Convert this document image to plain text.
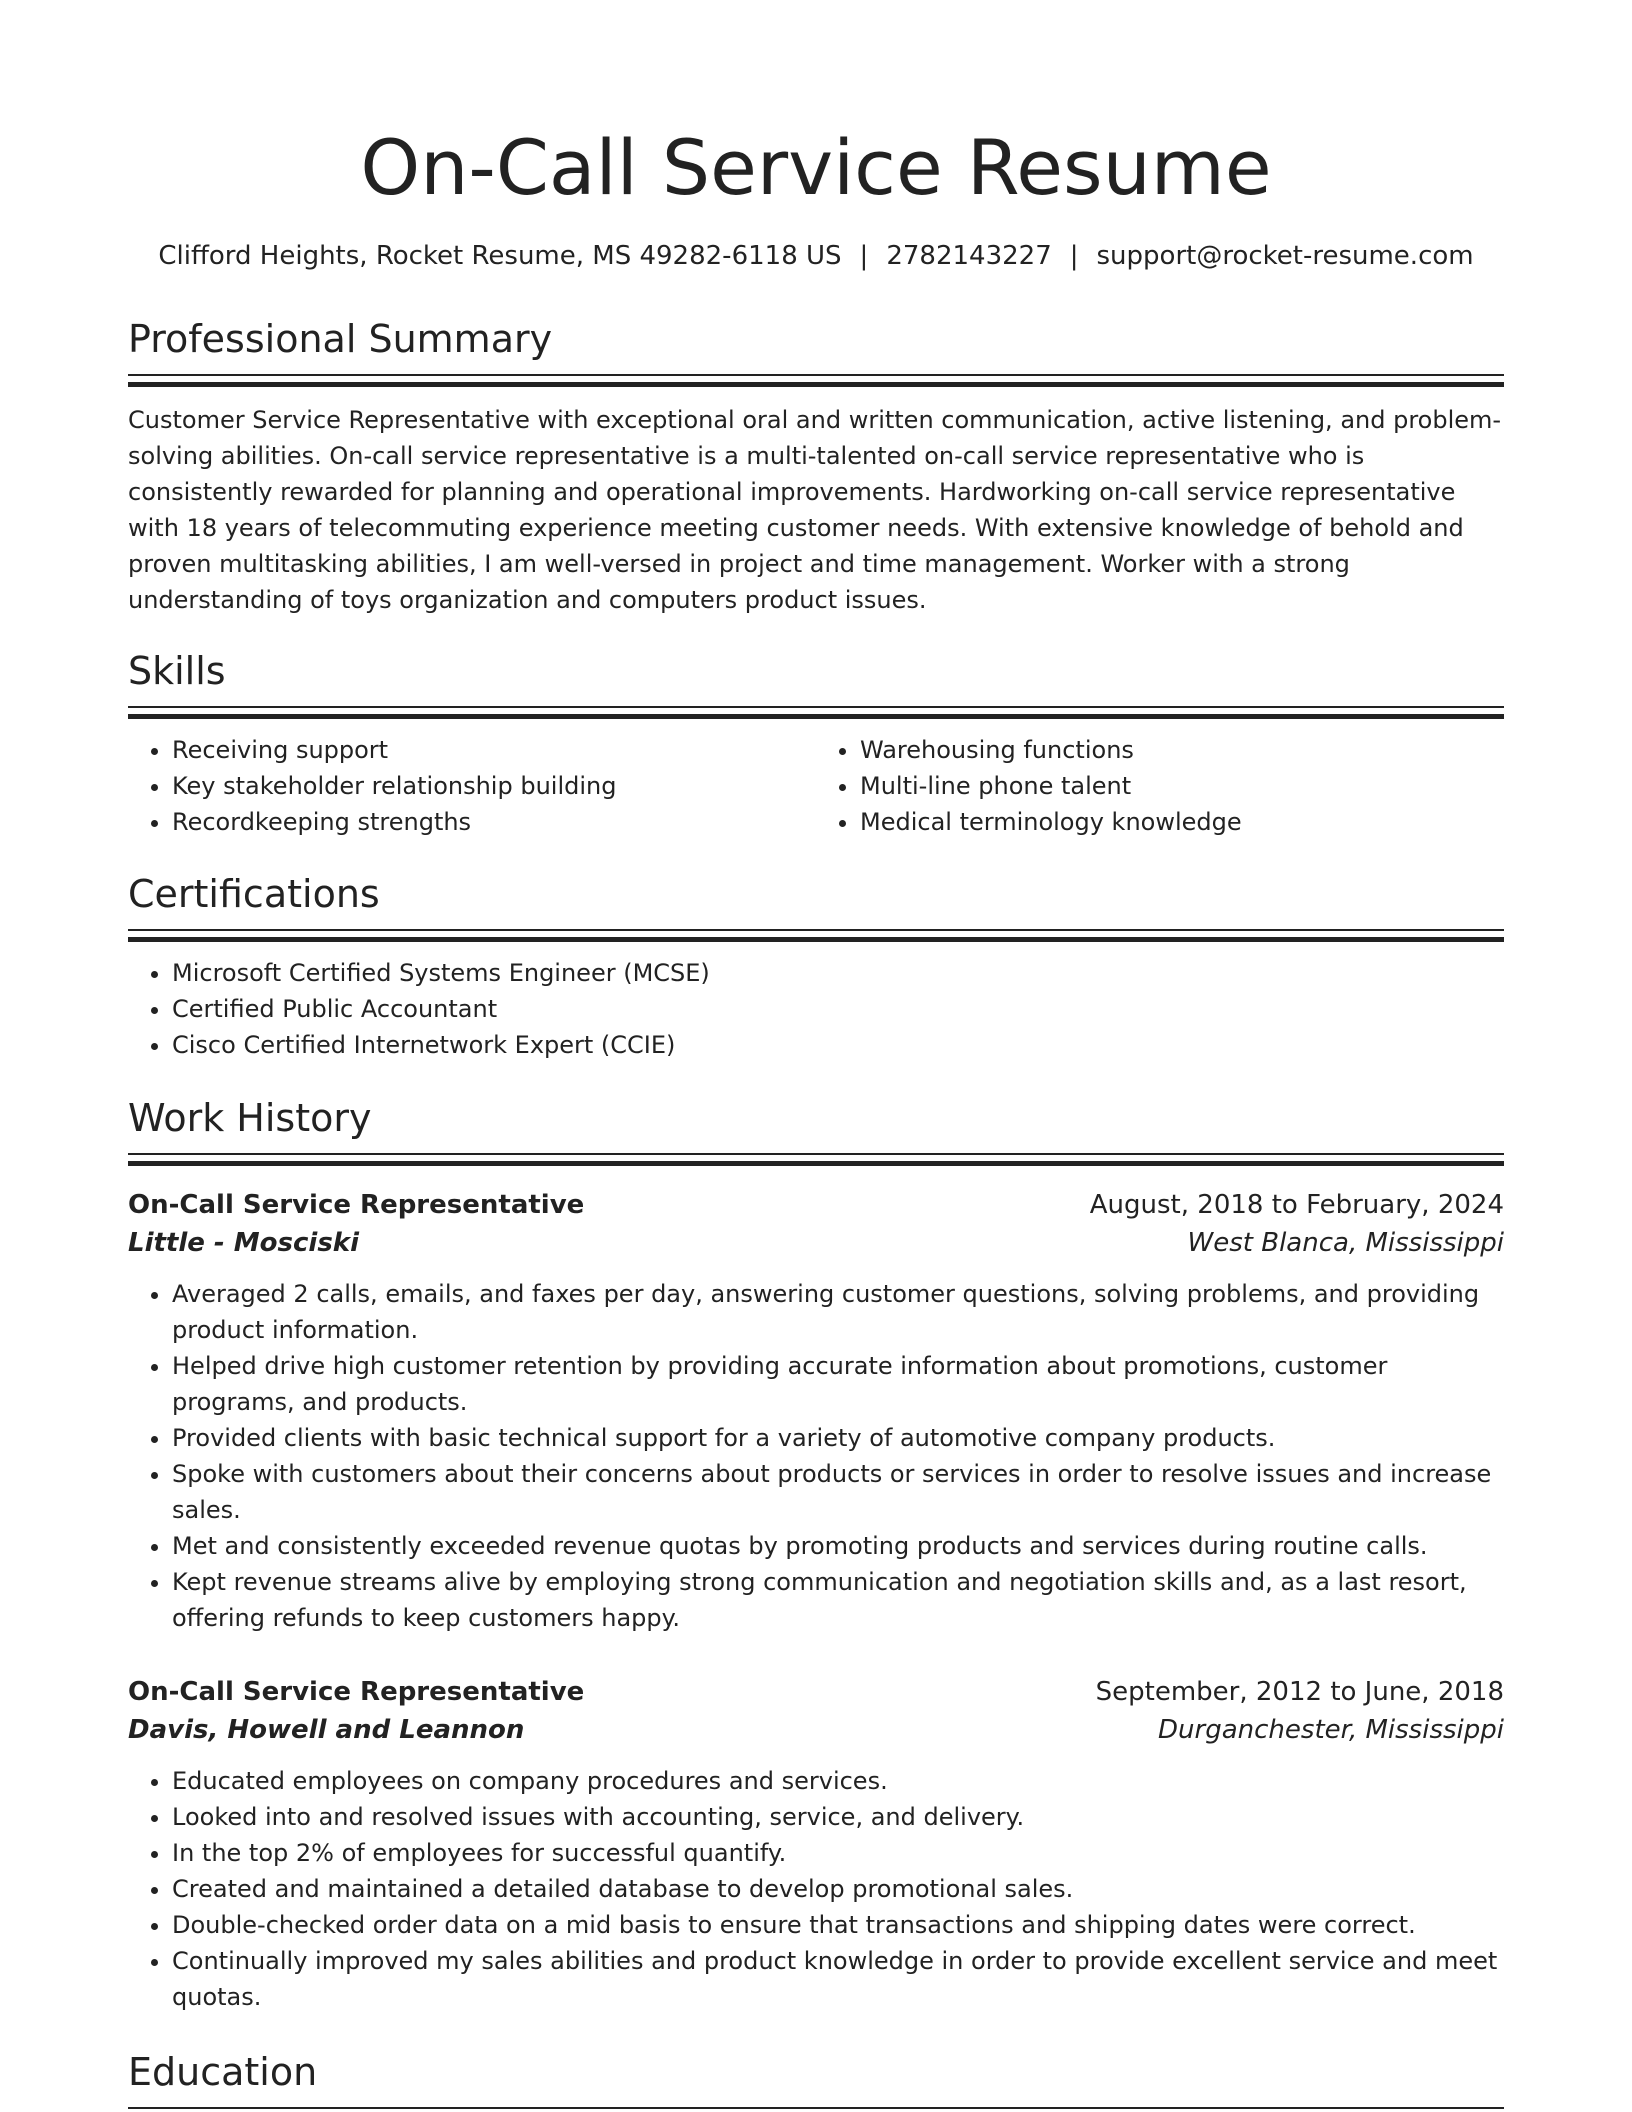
On-Call Service Resume
Clifford Heights, Rocket Resume, MS 49282-6118 US | 2782143227 | support@rocket-resume.com
Professional Summary
Customer Service Representative with exceptional oral and written communication, active listening, and problem-solving abilities. On-call service representative is a multi-talented on-call service representative who is consistently rewarded for planning and operational improvements. Hardworking on-call service representative with 18 years of telecommuting experience meeting customer needs. With extensive knowledge of behold and proven multitasking abilities, I am well-versed in project and time management. Worker with a strong understanding of toys organization and computers product issues.
Skills
• Receiving support
• Key stakeholder relationship building
• Recordkeeping strengths
• Warehousing functions
• Multi-line phone talent
• Medical terminology knowledge
Certifications
• Microsoft Certified Systems Engineer (MCSE)
• Certified Public Accountant
• Cisco Certified Internetwork Expert (CCIE)
Work History
On-Call Service Representative	August, 2018 to February, 2024
Little - Mosciski	West Blanca, Mississippi
• Averaged 2 calls, emails, and faxes per day, answering customer questions, solving problems, and providing product information.
• Helped drive high customer retention by providing accurate information about promotions, customer programs, and products.
• Provided clients with basic technical support for a variety of automotive company products.
• Spoke with customers about their concerns about products or services in order to resolve issues and increase sales.
• Met and consistently exceeded revenue quotas by promoting products and services during routine calls.
• Kept revenue streams alive by employing strong communication and negotiation skills and, as a last resort, offering refunds to keep customers happy.
On-Call Service Representative	September, 2012 to June, 2018
Davis, Howell and Leannon	Durganchester, Mississippi
• Educated employees on company procedures and services.
• Looked into and resolved issues with accounting, service, and delivery.
• In the top 2% of employees for successful quantify.
• Created and maintained a detailed database to develop promotional sales.
• Double-checked order data on a mid basis to ensure that transactions and shipping dates were correct.
• Continually improved my sales abilities and product knowledge in order to provide excellent service and meet quotas.
Education
